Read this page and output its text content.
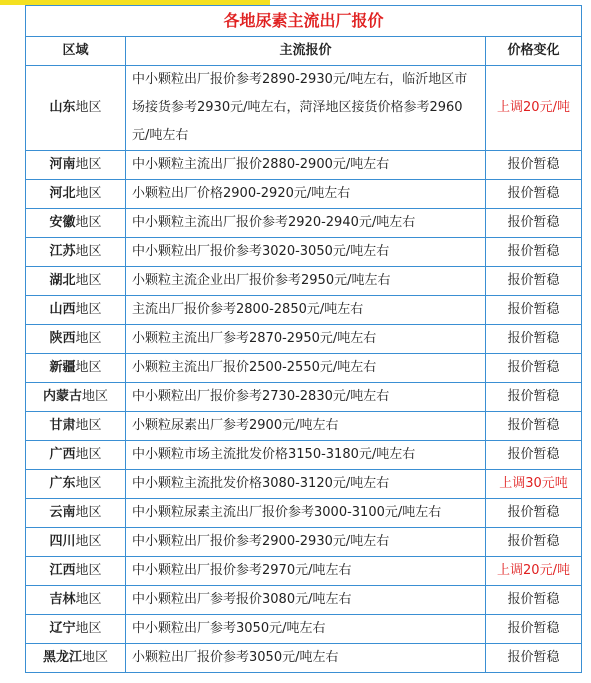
各地尿素主流出厂报价		
区域	主流报价	价格变化
山东地区	中小颗粒出厂报价参考2890-2930元/吨左右，临沂地区市场接货参考2930元/吨左右，菏泽地区接货价格参考2960元/吨左右	上调20元/吨
河南地区	中小颗粒主流出厂报价2880-2900元/吨左右	报价暂稳
河北地区	小颗粒出厂价格2900-2920元/吨左右	报价暂稳
安徽地区	中小颗粒主流出厂报价参考2920-2940元/吨左右	报价暂稳
江苏地区	中小颗粒出厂报价参考3020-3050元/吨左右	报价暂稳
湖北地区	小颗粒主流企业出厂报价参考2950元/吨左右	报价暂稳
山西地区	主流出厂报价参考2800-2850元/吨左右	报价暂稳
陕西地区	小颗粒主流出厂参考2870-2950元/吨左右	报价暂稳
新疆地区	小颗粒主流出厂报价2500-2550元/吨左右	报价暂稳
内蒙古地区	中小颗粒出厂报价参考2730-2830元/吨左右	报价暂稳
甘肃地区	小颗粒尿素出厂参考2900元/吨左右	报价暂稳
广西地区	中小颗粒市场主流批发价格3150-3180元/吨左右	报价暂稳
广东地区	中小颗粒主流批发价格3080-3120元/吨左右	上调30元吨
云南地区	中小颗粒尿素主流出厂报价参考3000-3100元/吨左右	报价暂稳
四川地区	中小颗粒出厂报价参考2900-2930元/吨左右	报价暂稳
江西地区	中小颗粒出厂报价参考2970元/吨左右	上调20元/吨
吉林地区	中小颗粒出厂参考报价3080元/吨左右	报价暂稳
辽宁地区	中小颗粒出厂参考3050元/吨左右	报价暂稳
黑龙江地区	小颗粒出厂报价参考3050元/吨左右	报价暂稳
